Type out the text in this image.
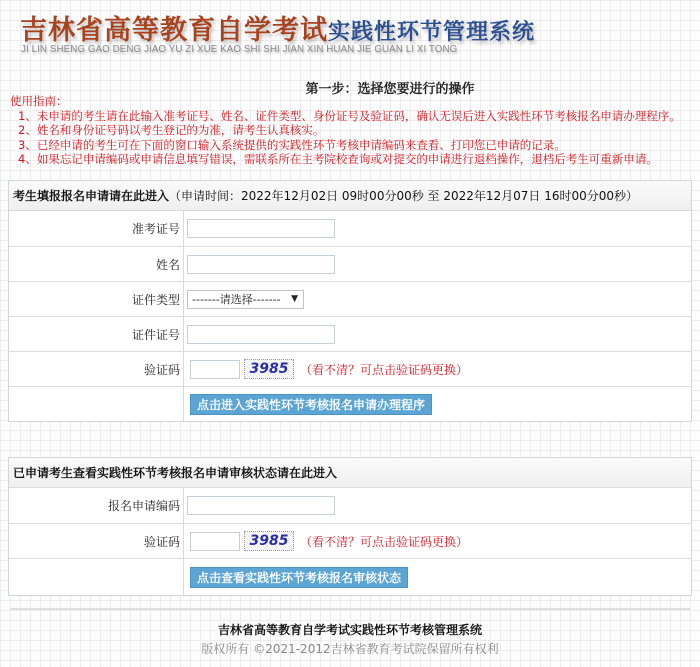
吉林省高等教育自学考试实践性环节管理系统
JI LIN SHENG GAO DENG JIAO YU ZI XUE KAO SHI SHI JIAN XIN HUAN JIE GUAN LI XI TONG
第一步：选择您要进行的操作
使用指南：
1、未申请的考生请在此输入准考证号、姓名、证件类型、身份证号及验证码，确认无误后进入实践性环节考核报名申请办理程序。
2、姓名和身份证号码以考生登记的为准，请考生认真核实。
3、已经申请的考生可在下面的窗口输入系统提供的实践性环节考核申请编码来查看、打印您已申请的记录。
4、如果忘记申请编码或申请信息填写错误，需联系所在主考院校查询或对提交的申请进行退档操作，退档后考生可重新申请。
考生填报报名申请请在此进入（申请时间：2022年12月02日 09时00分00秒 至 2022年12月07日 16时00分00秒）
准考证号
姓名
证件类型	-------请选择------- ▼
证件证号
验证码	3985 （看不清？可点击验证码更换）
点击进入实践性环节考核报名申请办理程序
已申请考生查看实践性环节考核报名申请审核状态请在此进入
报名申请编码
验证码	3985 （看不清？可点击验证码更换）
点击查看实践性环节考核报名审核状态
吉林省高等教育自学考试实践性环节考核管理系统
版权所有 ©2021-2012吉林省教育考试院保留所有权利
